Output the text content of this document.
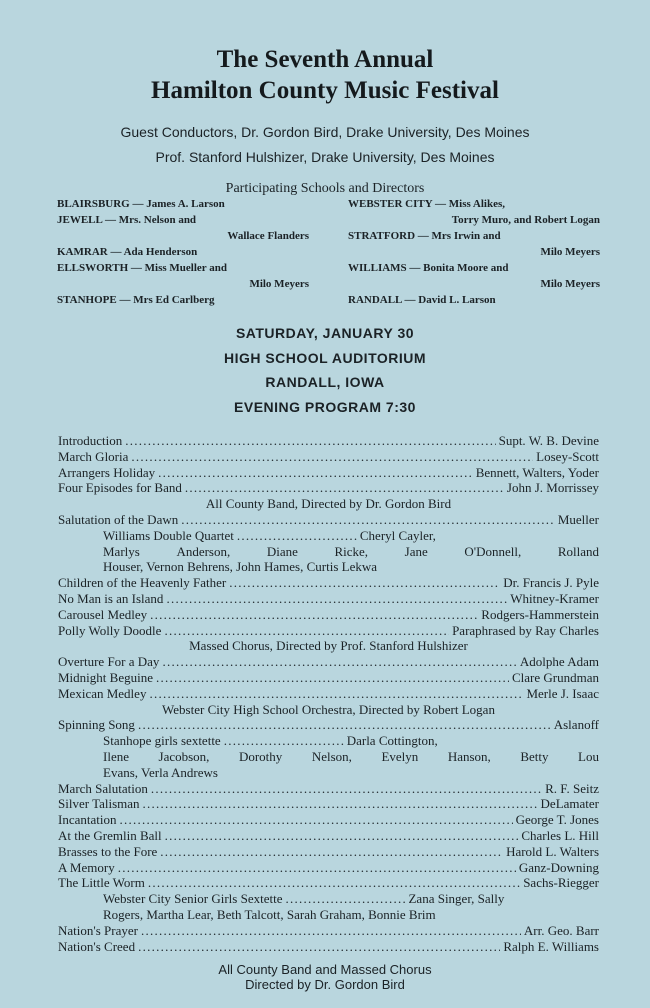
The Seventh Annual
Hamilton County Music Festival
Guest Conductors, Dr. Gordon Bird, Drake University, Des Moines
Prof. Stanford Hulshizer, Drake University, Des Moines
Participating Schools and Directors
BLAIRSBURG — James A. Larson
JEWELL — Mrs. Nelson and
Wallace Flanders
KAMRAR — Ada Henderson
ELLSWORTH — Miss Mueller and
Milo Meyers
STANHOPE — Mrs Ed Carlberg
WEBSTER CITY — Miss Alikes,
Torry Muro, and Robert Logan
STRATFORD — Mrs Irwin and
Milo Meyers
WILLIAMS — Bonita Moore and
Milo Meyers
RANDALL — David L. Larson
SATURDAY, JANUARY 30
HIGH SCHOOL AUDITORIUM
RANDALL, IOWA
EVENING PROGRAM 7:30
Introduction . . .	Supt. W. B. Devine
March Gloria . . .	Losey-Scott
Arrangers Holiday . . .	Bennett, Walters, Yoder
Four Episodes for Band . . .	John J. Morrissey
All County Band, Directed by Dr. Gordon Bird
Salutation of the Dawn . . .	Mueller
Williams Double Quartet . . .	Cheryl Cayler,
Marlys	Anderson,	Diane	Ricke,	Jane	O'Donnell,	Rolland
Houser, Vernon Behrens, John Hames, Curtis Lekwa
Children of the Heavenly Father . . .	Dr. Francis J. Pyle
No Man is an Island . . .	Whitney-Kramer
Carousel Medley . . .	Rodgers-Hammerstein
Polly Wolly Doodle . . .	Paraphrased by Ray Charles
Massed Chorus, Directed by Prof. Stanford Hulshizer
Overture For a Day . . .	Adolphe Adam
Midnight Beguine . . .	Clare Grundman
Mexican Medley . . .	Merle J. Isaac
Webster City High School Orchestra, Directed by Robert Logan
Spinning Song . . .	Aslanoff
Stanhope girls sextette . . .	Darla Cottington,
Ilene Jacobson, Dorothy Nelson, Evelyn Hanson, Betty Lou
Evans, Verla Andrews
March Salutation . . .	R. F. Seitz
Silver Talisman . . .	DeLamater
Incantation . . .	George T. Jones
At the Gremlin Ball . . .	Charles L. Hill
Brasses to the Fore . . .	Harold L. Walters
A Memory . . .	Ganz-Downing
The Little Worm . . .	Sachs-Riegger
Webster City Senior Girls Sextette . . .	Zana Singer, Sally
Rogers, Martha Lear, Beth Talcott, Sarah Graham, Bonnie Brim
Nation's Prayer . . .	Arr. Geo. Barr
Nation's Creed . . .	Ralph E. Williams
All County Band and Massed Chorus
Directed by Dr. Gordon Bird
